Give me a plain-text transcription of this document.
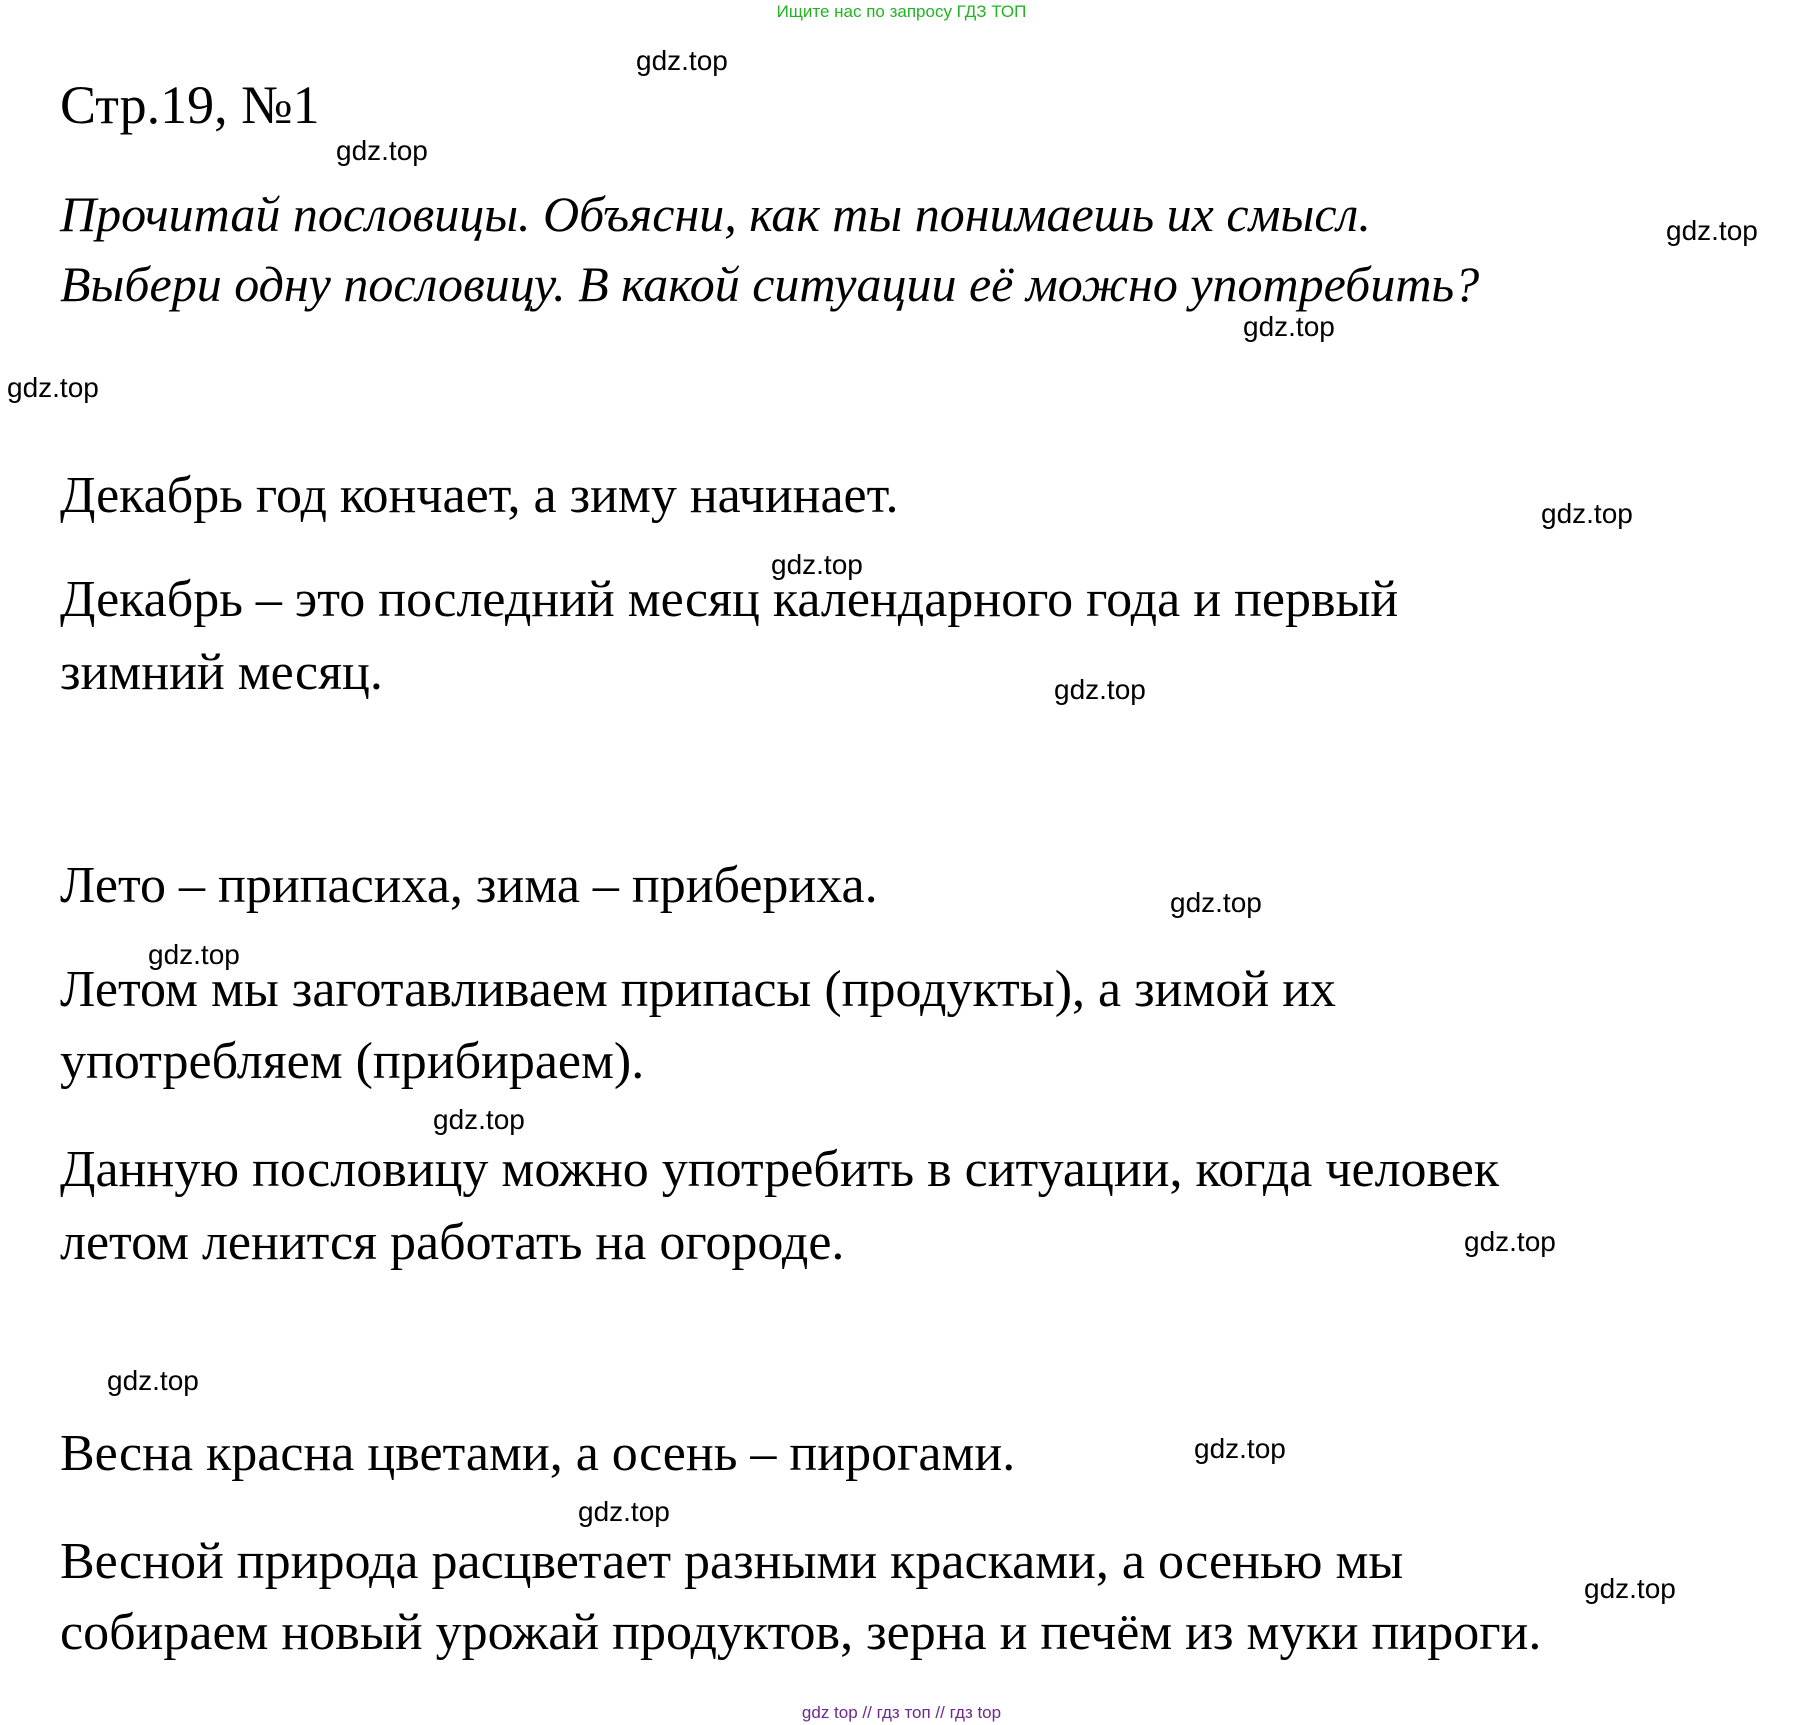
Ищите нас по запросу ГДЗ ТОП
Стр.19, №1
Прочитай пословицы. Объясни, как ты понимаешь их смысл.
Выбери одну пословицу. В какой ситуации её можно употребить?
Декабрь год кончает, а зиму начинает.
Декабрь – это последний месяц календарного года и первый
зимний месяц.
Лето – припасиха, зима – прибериха.
Летом мы заготавливаем припасы (продукты), а зимой их
употребляем (прибираем).
Данную пословицу можно употребить в ситуации, когда человек
летом ленится работать на огороде.
Весна красна цветами, а осень – пирогами.
Весной природа расцветает разными красками, а осенью мы
собираем новый урожай продуктов, зерна и печём из муки пироги.
gdz.top
gdz.top
gdz.top
gdz.top
gdz.top
gdz.top
gdz.top
gdz.top
gdz.top
gdz.top
gdz.top
gdz.top
gdz.top
gdz.top
gdz.top
gdz.top
gdz top // гдз топ // гдз top
